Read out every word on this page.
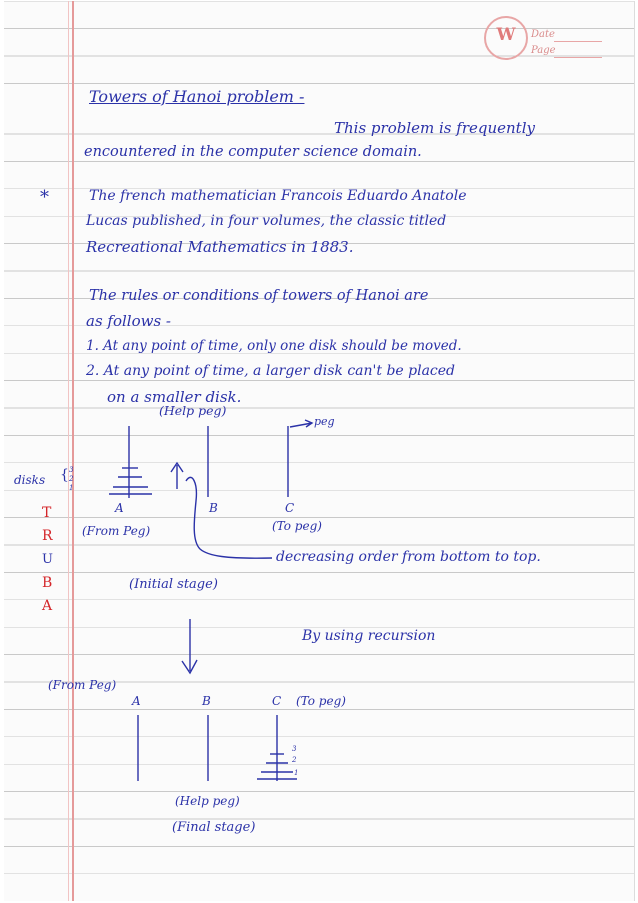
W	Date
Page
Towers of Hanoi problem -
This problem is frequently
encountered in the computer science domain.
*	The french mathematician Francois Eduardo Anatole
Lucas published, in four volumes, the classic titled
Recreational Mathematics in 1883.
The rules or conditions of towers of Hanoi are
as follows -
1. At any point of time, only one disk should be moved.
2. At any point of time, a larger disk can't be placed
on a smaller disk.
(Help peg)
peg
disks { 3
2
1
A	B	C
(From Peg)	(To peg)
decreasing order from bottom to top.
(Initial stage)
T
R
U
B
A
By using recursion
(From Peg)
A	B	C (To peg)
3
2
1
(Help peg)
(Final stage)
